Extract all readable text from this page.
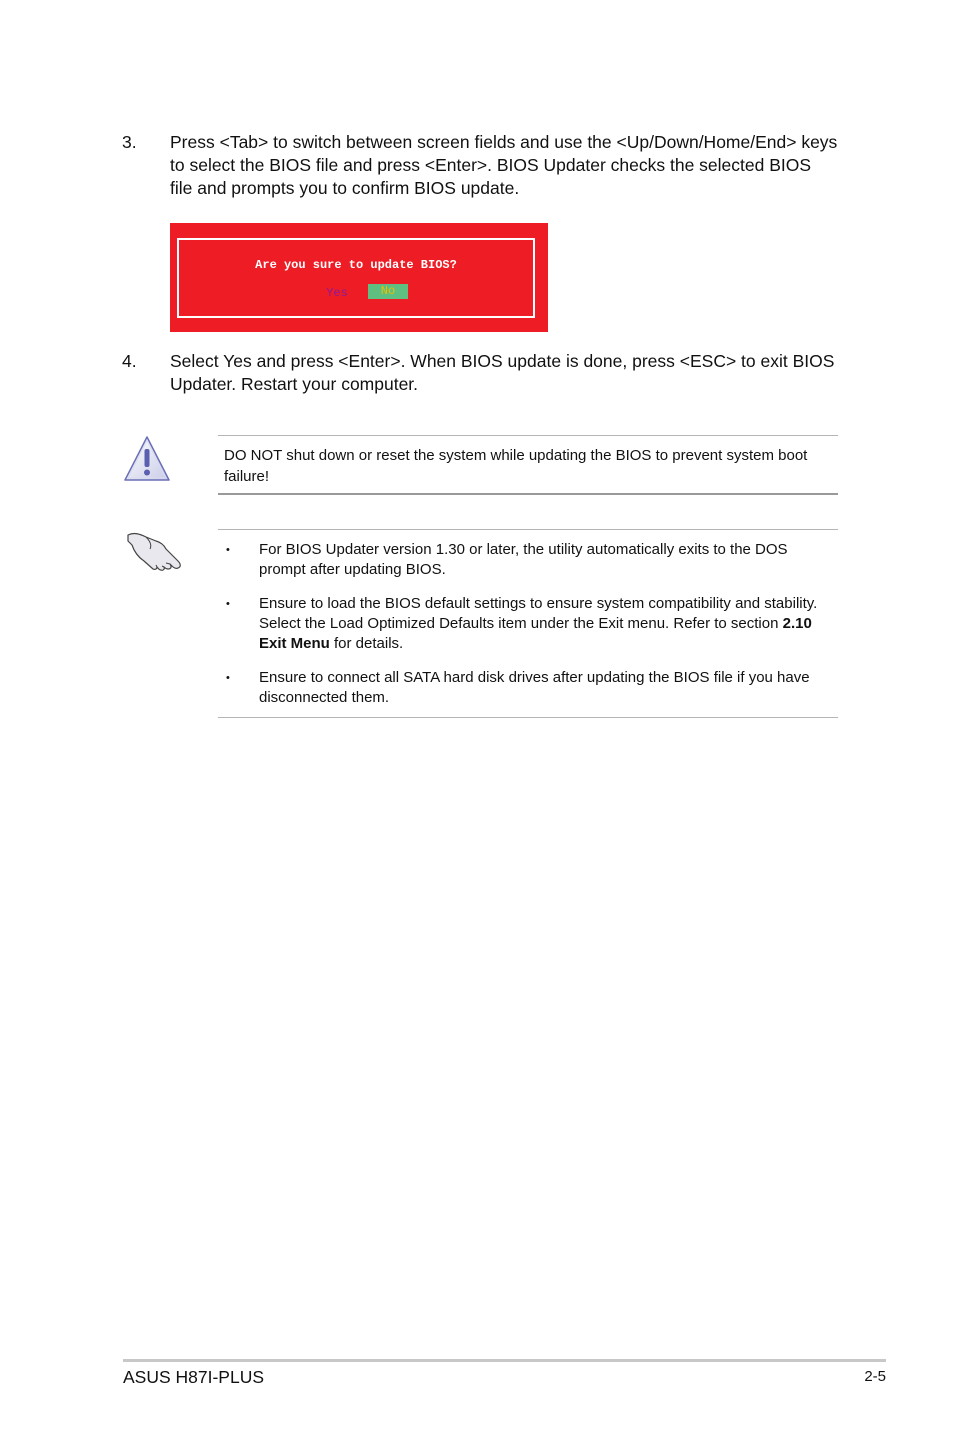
3. Press <Tab> to switch between screen fields and use the <Up/Down/Home/End> keys to select the BIOS file and press <Enter>. BIOS Updater checks the selected BIOS file and prompts you to confirm BIOS update.
Are you sure to update BIOS?
Yes	No
4. Select Yes and press <Enter>. When BIOS update is done, press <ESC> to exit BIOS Updater. Restart your computer.
DO NOT shut down or reset the system while updating the BIOS to prevent system boot failure!
• For BIOS Updater version 1.30 or later, the utility automatically exits to the DOS prompt after updating BIOS.
• Ensure to load the BIOS default settings to ensure system compatibility and stability. Select the Load Optimized Defaults item under the Exit menu. Refer to section 2.10 Exit Menu for details.
• Ensure to connect all SATA hard disk drives after updating the BIOS file if you have disconnected them.
ASUS H87I-PLUS	2-5
